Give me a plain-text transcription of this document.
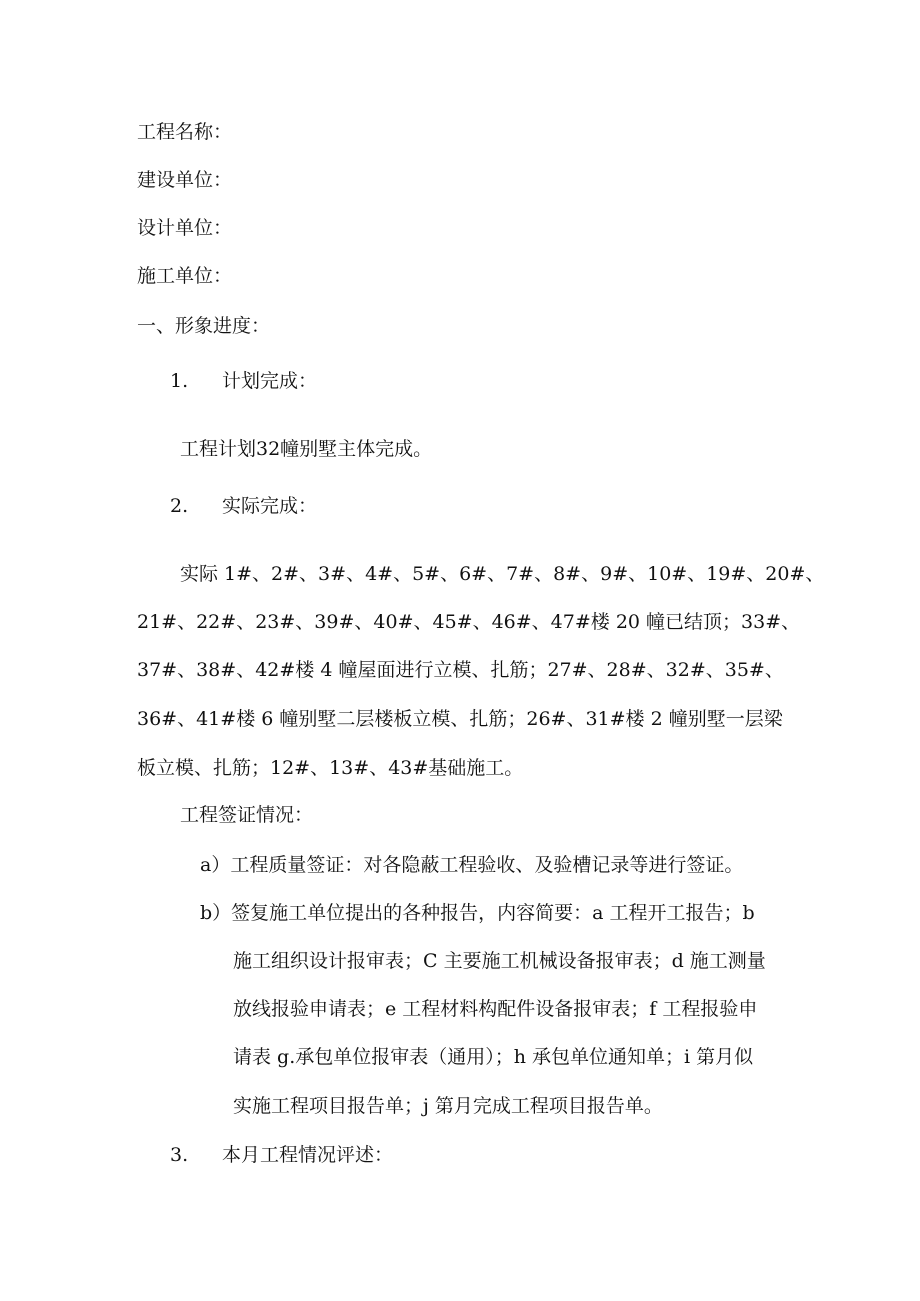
工程名称：
建设单位：
设计单位：
施工单位：
一、形象进度：
1. 计划完成：
工程计划32幢别墅主体完成。
2. 实际完成：
实际 1#、2#、3#、4#、5#、6#、7#、8#、9#、10#、19#、20#、
21#、22#、23#、39#、40#、45#、46#、47#楼 20 幢已结顶；33#、
37#、38#、42#楼 4 幢屋面进行立模、扎筋；27#、28#、32#、35#、
36#、41#楼 6 幢别墅二层楼板立模、扎筋；26#、31#楼 2 幢别墅一层梁
板立模、扎筋；12#、13#、43#基础施工。
工程签证情况：
a）工程质量签证：对各隐蔽工程验收、及验槽记录等进行签证。
b）签复施工单位提出的各种报告，内容简要：a 工程开工报告；b
施工组织设计报审表；C 主要施工机械设备报审表；d 施工测量
放线报验申请表；e 工程材料构配件设备报审表；f 工程报验申
请表 g.承包单位报审表（通用）；h 承包单位通知单；i 第月似
实施工程项目报告单；j 第月完成工程项目报告单。
3. 本月工程情况评述：
